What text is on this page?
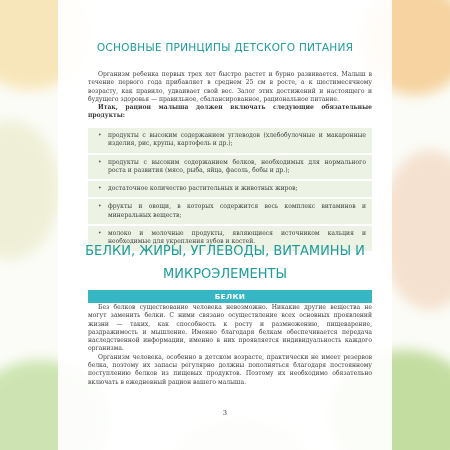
ОСНОВНЫЕ ПРИНЦИПЫ ДЕТСКОГО ПИТАНИЯ

Организм ребенка первых трех лет быстро растет и бурно развивается. Малыш в течение первого года прибавляет в среднем 25 см в росте, а к шестимесячному возрасту, как правило, удваивает свой вес. Залог этих достижений и настоящего и будущего здоровья — правильное, сбалансированное, рациональное питание.

Итак, рацион малыша должен включать следующие обязательные продукты:

• продукты с высоким содержанием углеводов (хлебобулочные и макаронные изделия, рис, крупы, картофель и др.);
• продукты с высоким содержанием белков, необходимых для нормального роста и развития (мясо, рыба, яйца, фасоль, бобы и др.);
• достаточное количество растительных и животных жиров;
• фрукты и овощи, в которых содержится весь комплекс витаминов и минеральных веществ;
• молоко и молочные продукты, являющиеся источником кальция и необходимые для укрепления зубов и костей.
БЕЛКИ, ЖИРЫ, УГЛЕВОДЫ, ВИТАМИНЫ И МИКРОЭЛЕМЕНТЫ
БЕЛКИ

Без белков существование человека невозможно. Никакие другие вещества не могут заменить белки. С ними связано осуществление всех основных проявлений жизни — таких, как способность к росту и размножению, пищеварение, раздражимость и мышление. Именно благодаря белкам обеспечивается передача наследственной информации, именно в них проявляется индивидуальность каждого организма.

Организм человека, особенно в детском возрасте, практически не имеет резервов белка, поэтому их запасы регулярно должны пополняться благодаря постоянному поступлению белков из пищевых продуктов. Поэтому их необходимо обязательно включать в ежедневный рацион вашего малыша.

3
